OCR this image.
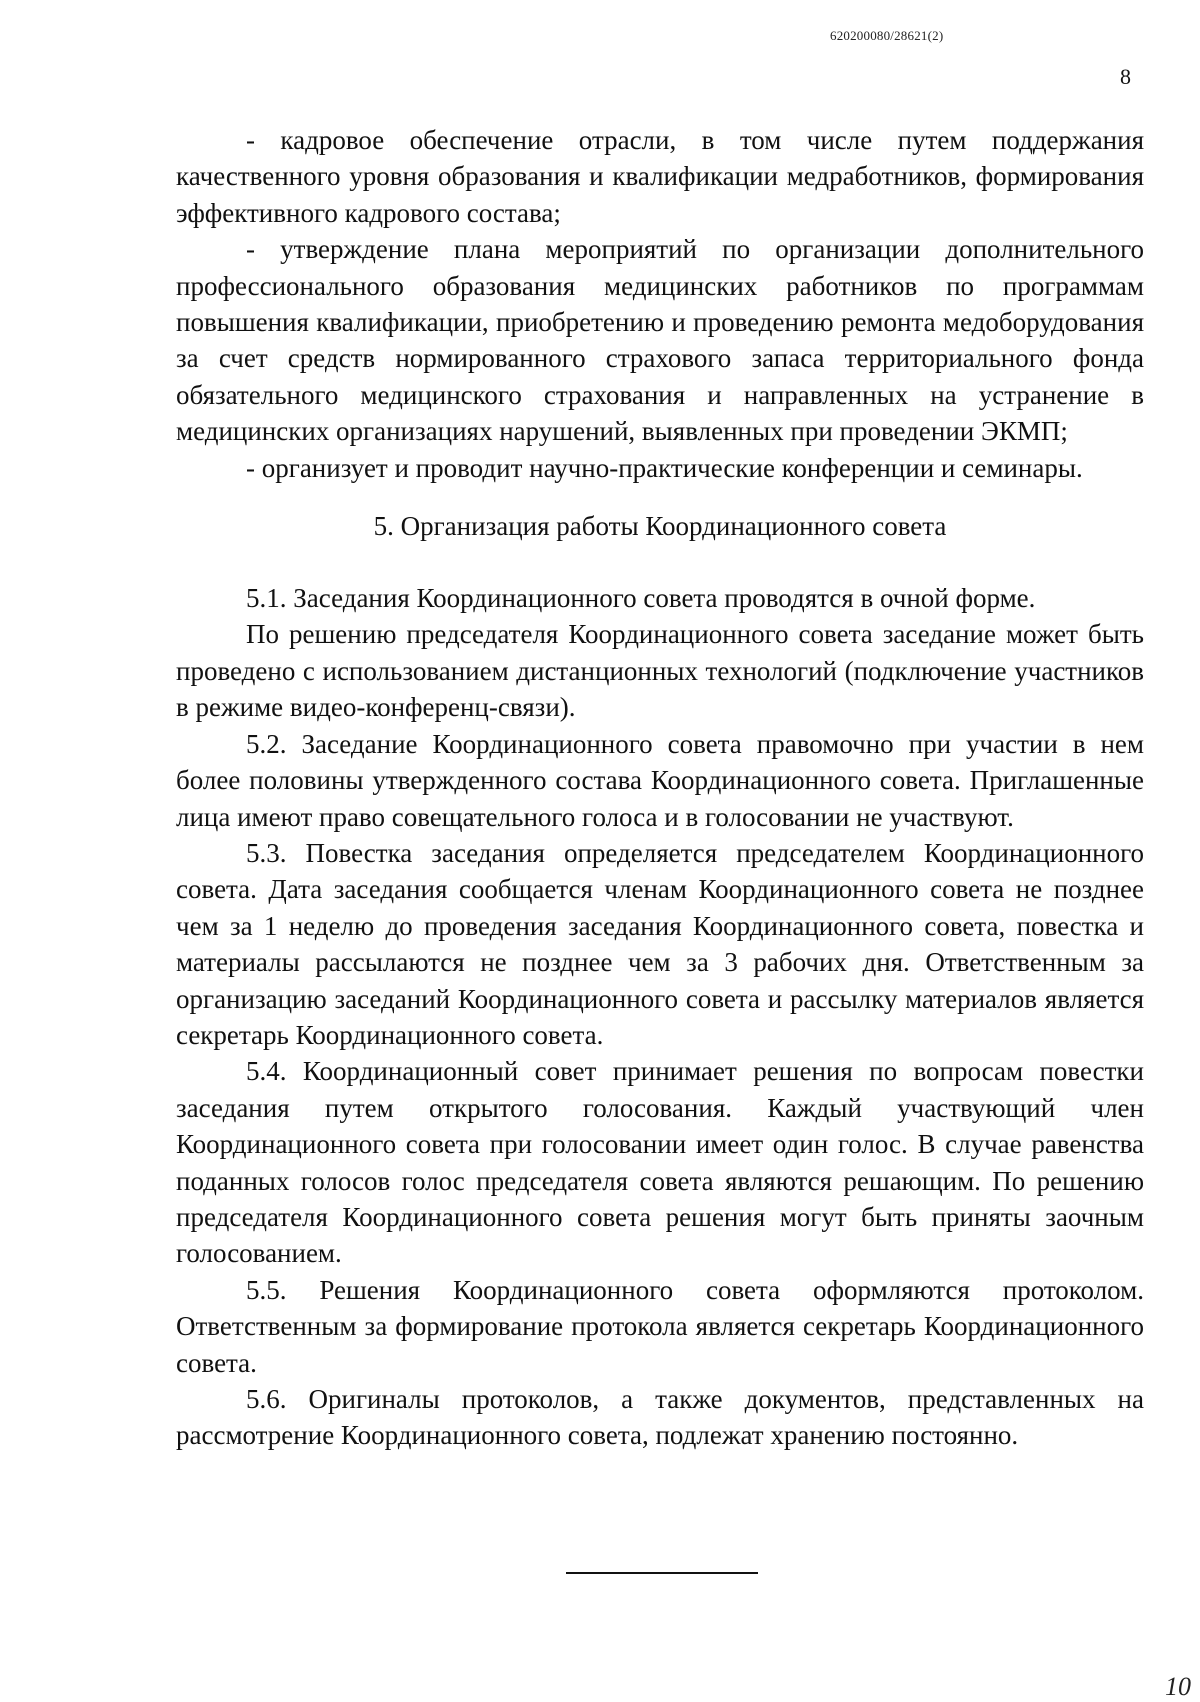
620200080/28621(2)
8

- кадровое обеспечение отрасли, в том числе путем поддержания качественного уровня образования и квалификации медработников, формирования эффективного кадрового состава;

- утверждение плана мероприятий по организации дополнительного профессионального образования медицинских работников по программам повышения квалификации, приобретению и проведению ремонта медоборудования за счет средств нормированного страхового запаса территориального фонда обязательного медицинского страхования и направленных на устранение в медицинских организациях нарушений, выявленных при проведении ЭКМП;

- организует и проводит научно-практические конференции и семинары.

5. Организация работы Координационного совета

5.1. Заседания Координационного совета проводятся в очной форме.

По решению председателя Координационного совета заседание может быть проведено с использованием дистанционных технологий (подключение участников в режиме видео-конференц-связи).

5.2. Заседание Координационного совета правомочно при участии в нем более половины утвержденного состава Координационного совета. Приглашенные лица имеют право совещательного голоса и в голосовании не участвуют.

5.3. Повестка заседания определяется председателем Координационного совета. Дата заседания сообщается членам Координационного совета не позднее чем за 1 неделю до проведения заседания Координационного совета, повестка и материалы рассылаются не позднее чем за 3 рабочих дня. Ответственным за организацию заседаний Координационного совета и рассылку материалов является секретарь Координационного совета.

5.4. Координационный совет принимает решения по вопросам повестки заседания путем открытого голосования. Каждый участвующий член Координационного совета при голосовании имеет один голос. В случае равенства поданных голосов голос председателя совета являются решающим. По решению председателя Координационного совета решения могут быть приняты заочным голосованием.

5.5. Решения Координационного совета оформляются протоколом. Ответственным за формирование протокола является секретарь Координационного совета.

5.6. Оригиналы протоколов, а также документов, представленных на рассмотрение Координационного совета, подлежат хранению постоянно.

10
